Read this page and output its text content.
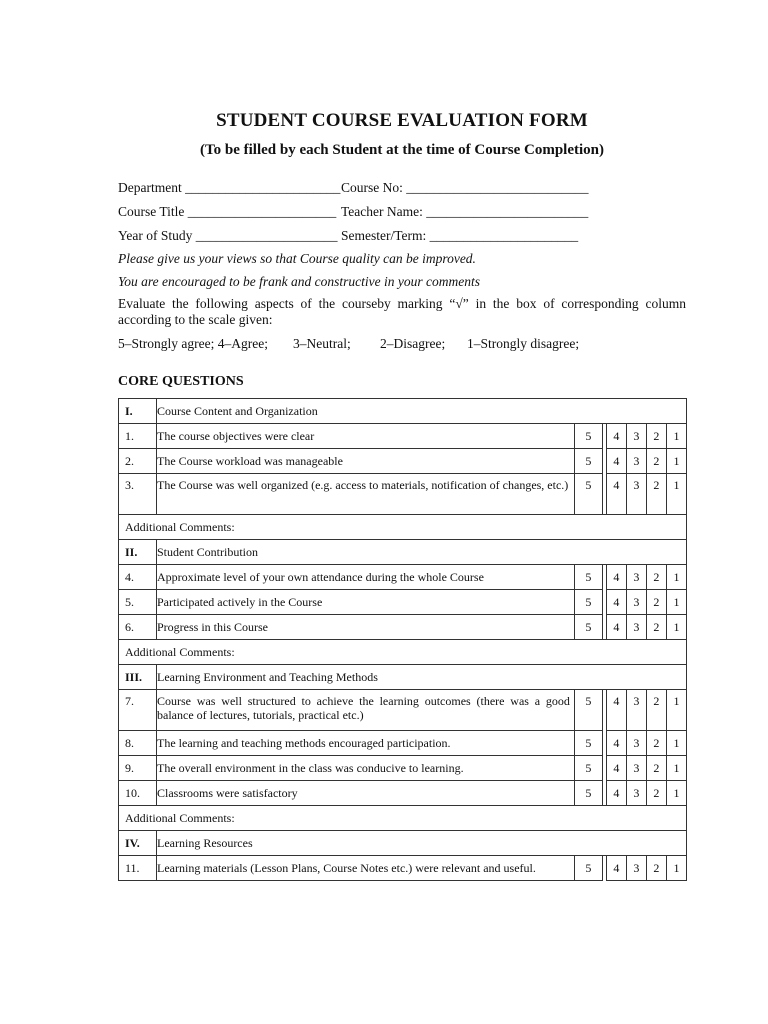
STUDENT COURSE EVALUATION FORM
(To be filled by each Student at the time of Course Completion)
Department _______________________ Course No: ___________________________
Course Title ______________________ Teacher Name: ________________________
Year of Study _____________________ Semester/Term: ______________________
Please give us your views so that Course quality can be improved.
You are encouraged to be frank and constructive in your comments
Evaluate the following aspects of the courseby marking “√” in the box of corresponding column according to the scale given:
5–Strongly agree; 4–Agree; 3–Neutral; 2–Disagree; 1–Strongly disagree;
CORE QUESTIONS
I.	Course Content and Organization						
1.	The course objectives were clear	5		4	3	2	1
2.	The Course workload was manageable	5		4	3	2	1
3.	The Course was well organized (e.g. access to materials, notification of changes, etc.)	5		4	3	2	1
Additional Comments:							
II.	Student Contribution						
4.	Approximate level of your own attendance during the whole Course	5		4	3	2	1
5.	Participated actively in the Course	5		4	3	2	1
6.	Progress in this Course	5		4	3	2	1
Additional Comments:							
III.	Learning Environment and Teaching Methods						
7.	Course was well structured to achieve the learning outcomes (there was a good balance of lectures, tutorials, practical etc.)	5		4	3	2	1
8.	The learning and teaching methods encouraged participation.	5		4	3	2	1
9.	The overall environment in the class was conducive to learning.	5		4	3	2	1
10.	Classrooms were satisfactory	5		4	3	2	1
Additional Comments:							
IV.	Learning Resources						
11.	Learning materials (Lesson Plans, Course Notes etc.) were relevant and useful.	5		4	3	2	1
